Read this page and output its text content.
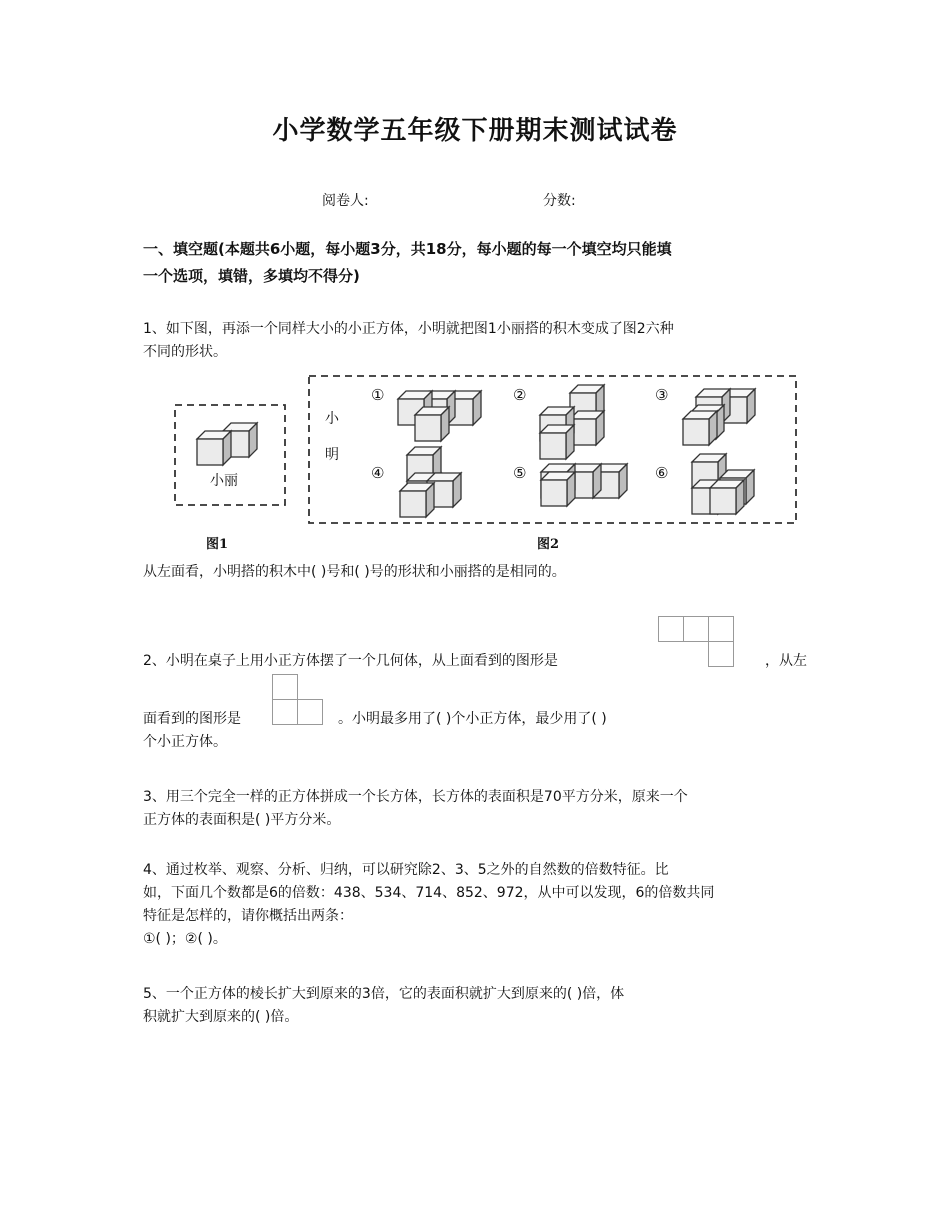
小学数学五年级下册期末测试试卷
阅卷人:	分数:
一、填空题(本题共6小题，每小题3分，共18分，每小题的每一个填空均只能填
一个选项，填错，多填均不得分)
1、如下图，再添一个同样大小的小正方体，小明就把图1小丽搭的积木变成了图2六种
不同的形状。
小丽
小
明
①	②	③
④	⑤	⑥
图1	图2
从左面看，小明搭的积木中( )号和( )号的形状和小丽搭的是相同的。
2、小明在桌子上用小正方体摆了一个几何体，从上面看到的图形是	，从左
面看到的图形是	。小明最多用了( )个小正方体，最少用了( )
个小正方体。
3、用三个完全一样的正方体拼成一个长方体，长方体的表面积是70平方分米，原来一个
正方体的表面积是( )平方分米。
4、通过枚举、观察、分析、归纳，可以研究除2、3、5之外的自然数的倍数特征。比
如，下面几个数都是6的倍数：438、534、714、852、972，从中可以发现，6的倍数共同
特征是怎样的，请你概括出两条：
①( )；②( )。
5、一个正方体的棱长扩大到原来的3倍，它的表面积就扩大到原来的( )倍，体
积就扩大到原来的( )倍。
